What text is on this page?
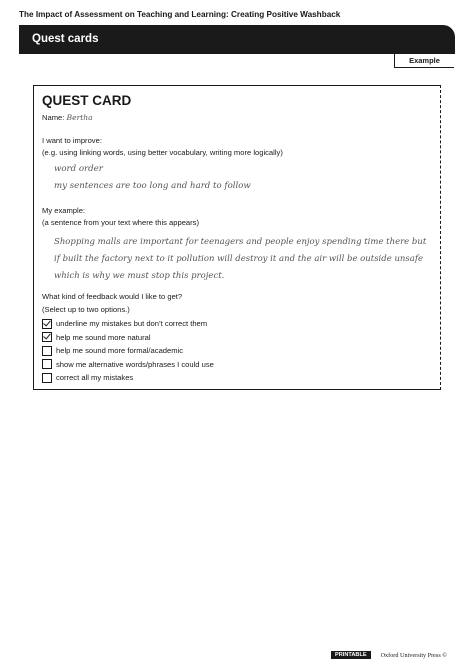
The Impact of Assessment on Teaching and Learning: Creating Positive Washback
Quest cards
Example
QUEST CARD
Name: Bertha
I want to improve:
(e.g. using linking words, using better vocabulary, writing more logically)
word order
my sentences are too long and hard to follow
My example:
(a sentence from your text where this appears)
Shopping malls are important for teenagers and people enjoy spending time there but if built the factory next to it pollution will destroy it and the air will be outside unsafe which is why we must stop this project.
What kind of feedback would I like to get?
(Select up to two options.)
underline my mistakes but don’t correct them
help me sound more natural
help me sound more formal/academic
show me alternative words/phrases I could use
correct all my mistakes
PRINTABLE	Oxford University Press ©
